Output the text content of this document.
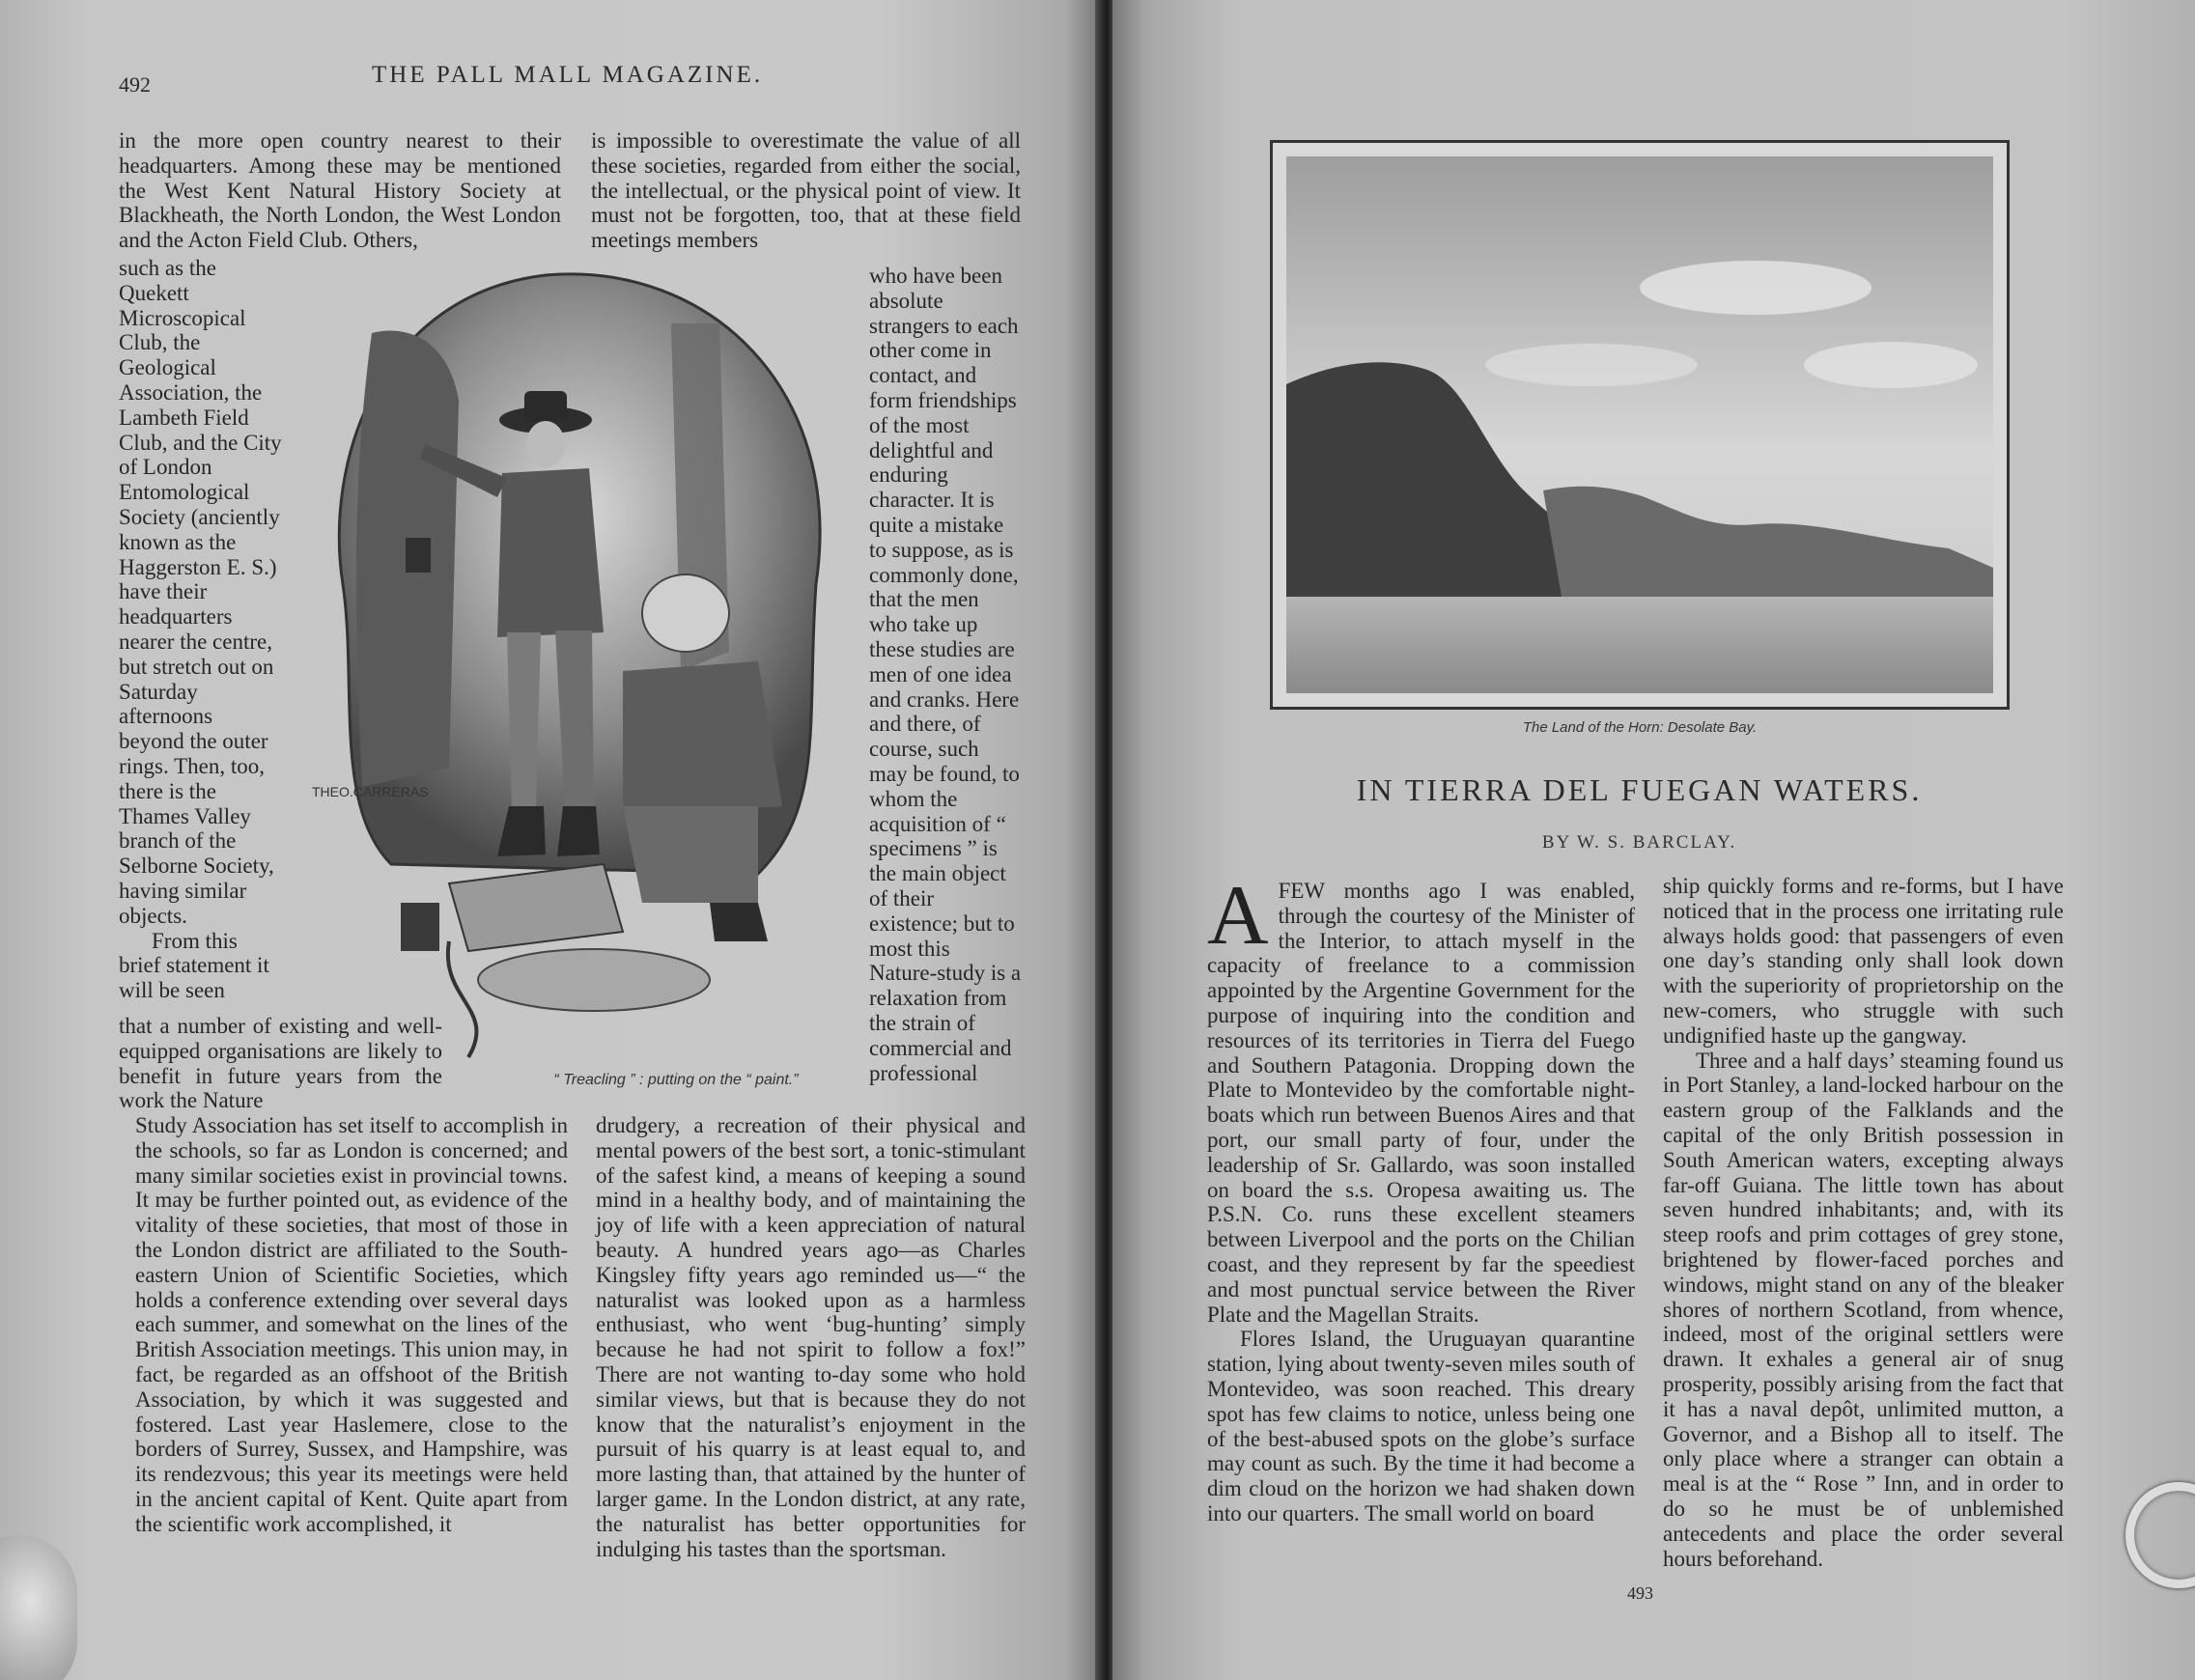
492	THE PALL MALL MAGAZINE.

in the more open country nearest to their headquarters. Among these may be mentioned the West Kent Natural History Society at Blackheath, the North London, the West London and the Acton Field Club. Others,

such as the Quekett Microscopical Club, the Geological Association, the Lambeth Field Club, and the City of London Entomological Society (anciently known as the Haggerston E. S.) have their headquarters nearer the centre, but stretch out on Saturday afternoons beyond the outer rings. Then, too, there is the Thames Valley branch of the Selborne Society, having similar objects.

From this brief statement it will be seen

that a number of existing and well-equipped organisations are likely to benefit in future years from the work the Nature

Study Association has set itself to accomplish in the schools, so far as London is concerned; and many similar societies exist in provincial towns. It may be further pointed out, as evidence of the vitality of these societies, that most of those in the London district are affiliated to the South-eastern Union of Scientific Societies, which holds a conference extending over several days each summer, and somewhat on the lines of the British Association meetings. This union may, in fact, be regarded as an offshoot of the British Association, by which it was suggested and fostered. Last year Haslemere, close to the borders of Surrey, Sussex, and Hampshire, was its rendezvous; this year its meetings were held in the ancient capital of Kent. Quite apart from the scientific work accomplished, it

is impossible to overestimate the value of all these societies, regarded from either the social, the intellectual, or the physical point of view. It must not be forgotten, too, that at these field meetings members

who have been absolute strangers to each other come in contact, and form friendships of the most delightful and enduring character. It is quite a mistake to suppose, as is commonly done, that the men who take up these studies are men of one idea and cranks. Here and there, of course, such may be found, to whom the acquisition of “ specimens ” is the main object of their existence; but to most this Nature-study is a relaxation from the strain of commercial and professional

drudgery, a recreation of their physical and mental powers of the best sort, a tonic-stimulant of the safest kind, a means of keeping a sound mind in a healthy body, and of maintaining the joy of life with a keen appreciation of natural beauty. A hundred years ago—as Charles Kingsley fifty years ago reminded us—“ the naturalist was looked upon as a harmless enthusiast, who went ‘bug-hunting’ simply because he had not spirit to follow a fox!” There are not wanting to-day some who hold similar views, but that is because they do not know that the naturalist’s enjoyment in the pursuit of his quarry is at least equal to, and more lasting than, that attained by the hunter of larger game. In the London district, at any rate, the naturalist has better opportunities for indulging his tastes than the sportsman.

THEO.CARRERAS
“ Treacling ” : putting on the “ paint.”
The Land of the Horn: Desolate Bay.
IN TIERRA DEL FUEGAN WATERS.
BY W. S. BARCLAY.

AFEW months ago I was enabled, through the courtesy of the Minister of the Interior, to attach myself in the capacity of freelance to a commission appointed by the Argentine Government for the purpose of inquiring into the condition and resources of its territories in Tierra del Fuego and Southern Patagonia. Dropping down the Plate to Montevideo by the comfortable night-boats which run between Buenos Aires and that port, our small party of four, under the leadership of Sr. Gallardo, was soon installed on board the s.s. Oropesa awaiting us. The P.S.N. Co. runs these excellent steamers between Liverpool and the ports on the Chilian coast, and they represent by far the speediest and most punctual service between the River Plate and the Magellan Straits.

Flores Island, the Uruguayan quarantine station, lying about twenty-seven miles south of Montevideo, was soon reached. This dreary spot has few claims to notice, unless being one of the best-abused spots on the globe’s surface may count as such. By the time it had become a dim cloud on the horizon we had shaken down into our quarters. The small world on board

ship quickly forms and re-forms, but I have noticed that in the process one irritating rule always holds good: that passengers of even one day’s standing only shall look down with the superiority of proprietorship on the new-comers, who struggle with such undignified haste up the gangway.

Three and a half days’ steaming found us in Port Stanley, a land-locked harbour on the eastern group of the Falklands and the capital of the only British possession in South American waters, excepting always far-off Guiana. The little town has about seven hundred inhabitants; and, with its steep roofs and prim cottages of grey stone, brightened by flower-faced porches and windows, might stand on any of the bleaker shores of northern Scotland, from whence, indeed, most of the original settlers were drawn. It exhales a general air of snug prosperity, possibly arising from the fact that it has a naval depôt, unlimited mutton, a Governor, and a Bishop all to itself. The only place where a stranger can obtain a meal is at the “ Rose ” Inn, and in order to do so he must be of unblemished antecedents and place the order several hours beforehand.

493
